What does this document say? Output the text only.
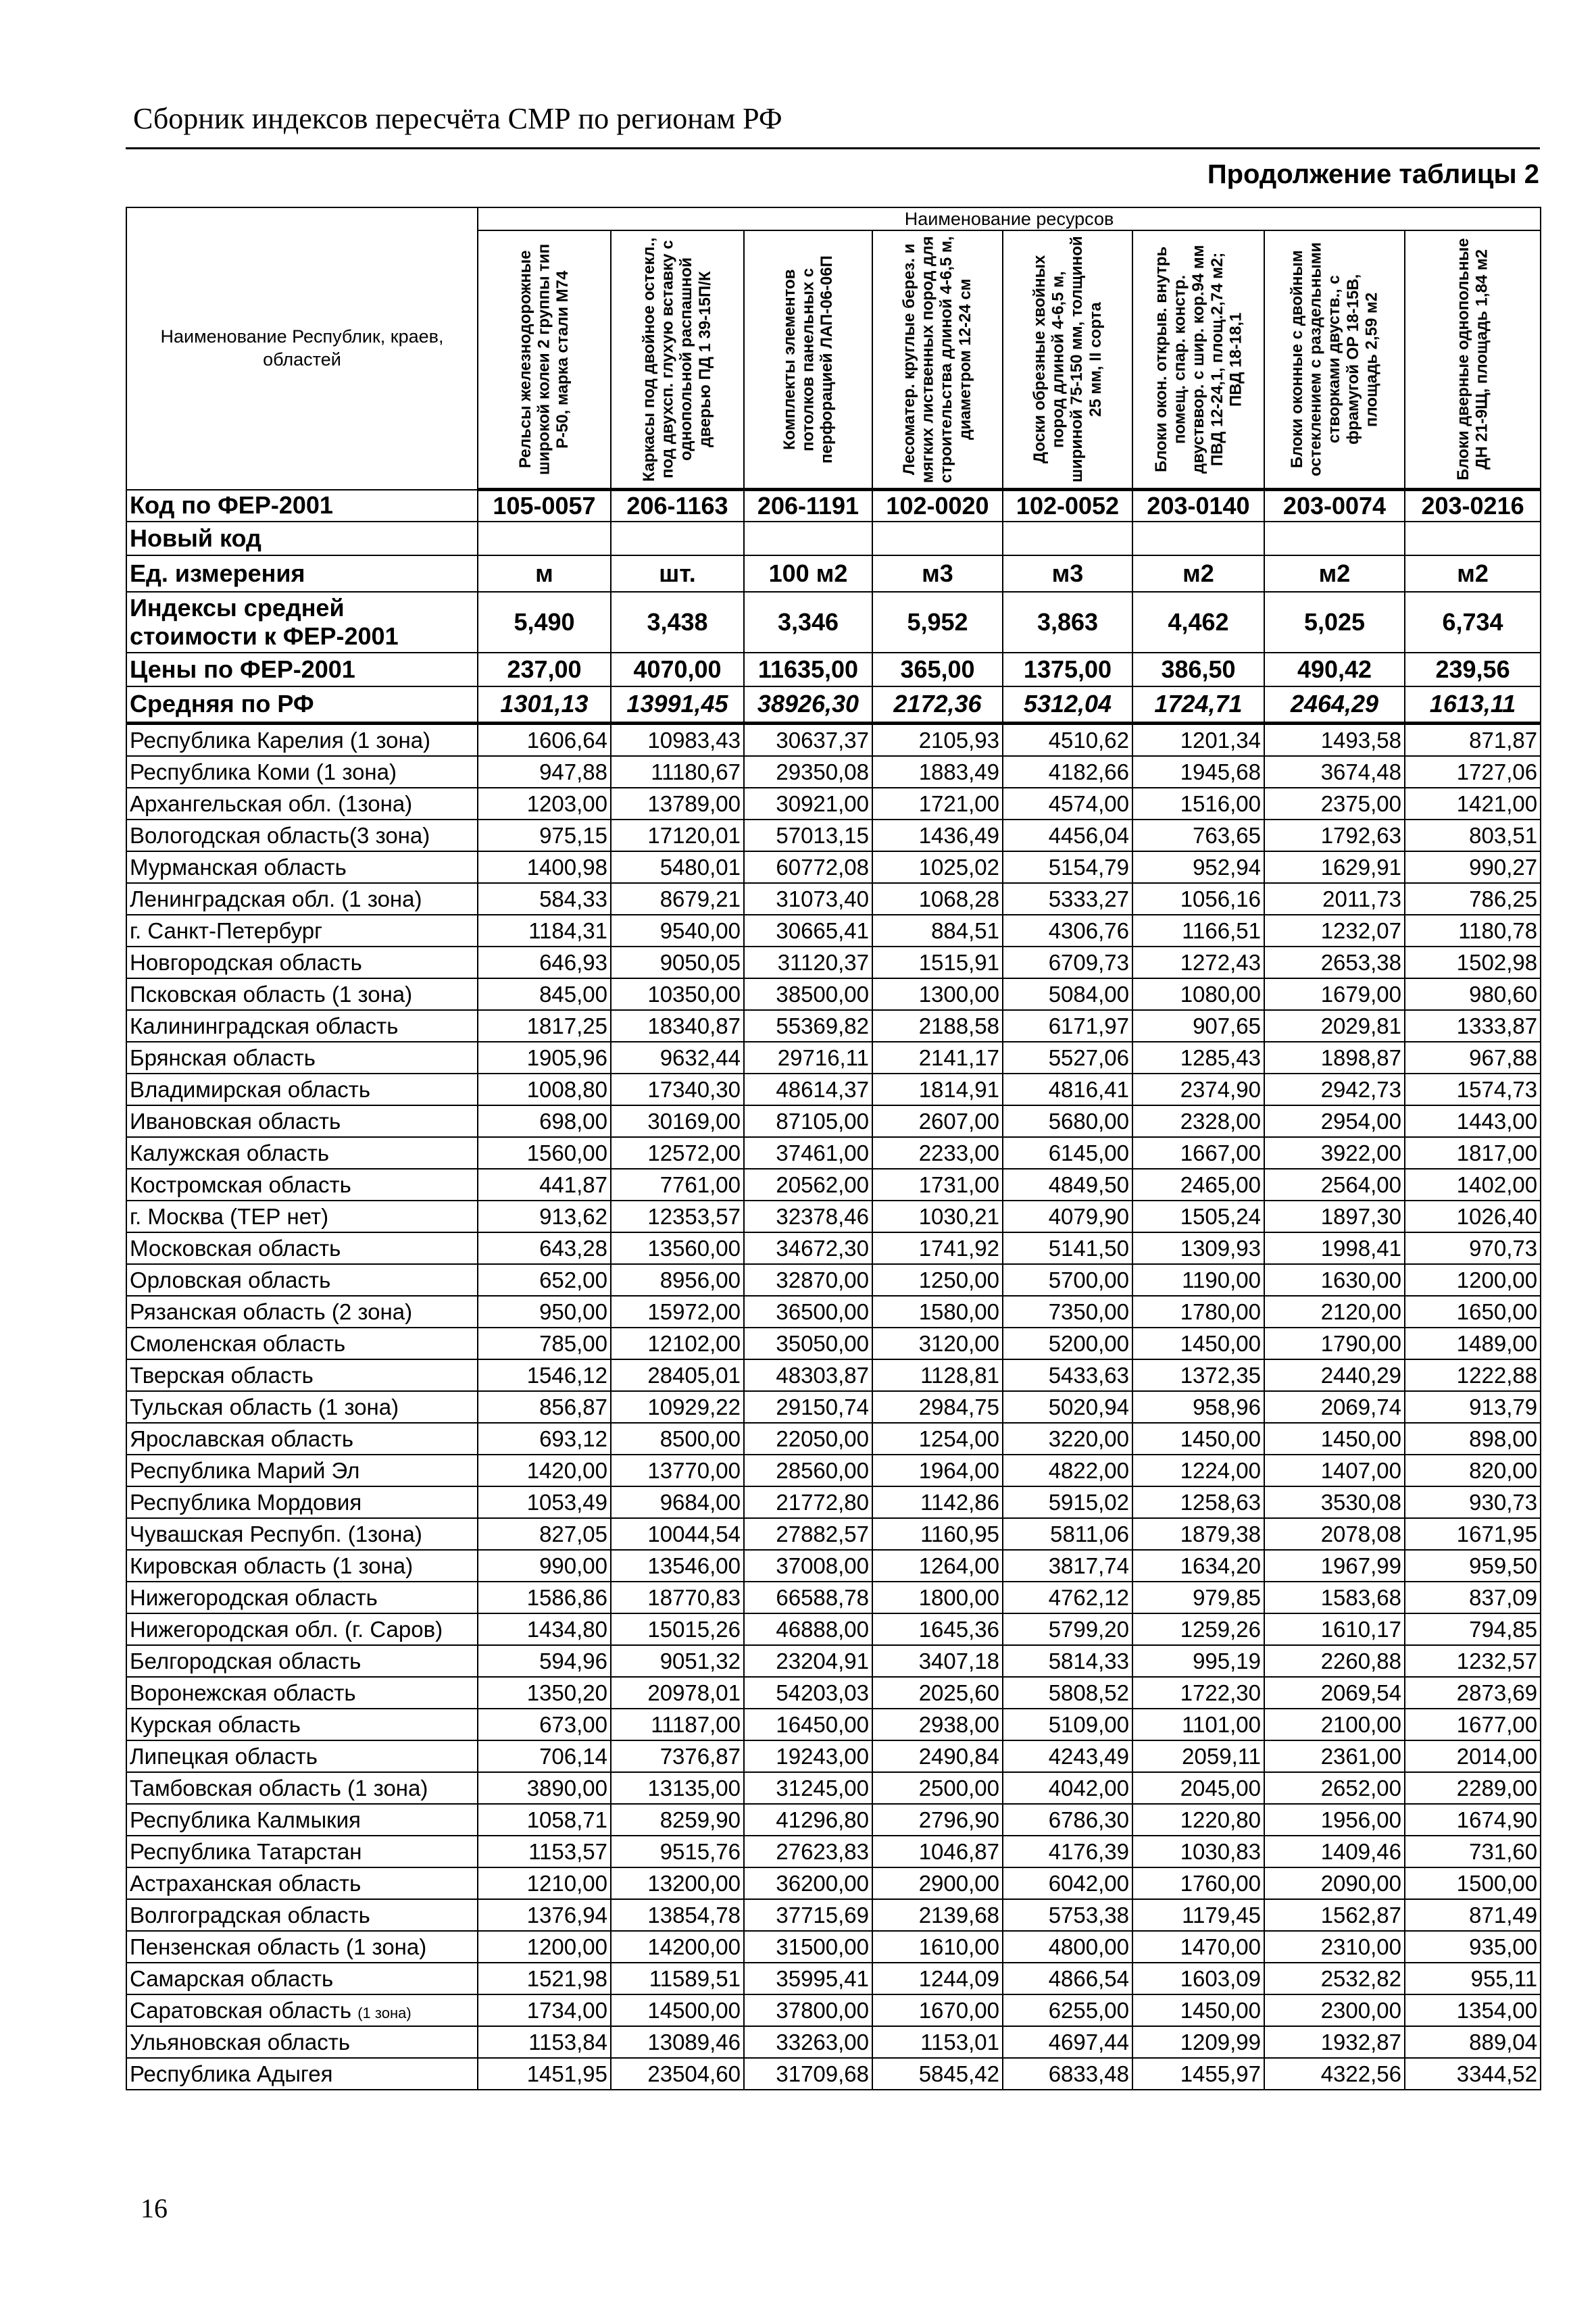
Сборник индексов пересчёта СМР по регионам РФ
Продолжение таблицы 2
Наименование Республик, краев, областей	Наименование ресурсов							

	Рельсы железнодорожные широкой колеи 2 группы тип Р-50, марка стали М74	Каркасы под двойное остекл., под двухсп. глухую вставку с однопольной распашной дверью ПД 1 39-15П/К	Комплекты элементов потолков панельных с перфорацией ЛАП-06-06П	Лесоматер. круглые берез. и мягких лиственных пород для строительства длиной 4-6,5 м, диаметром 12-24 см	Доски обрезные хвойных пород длиной 4-6,5 м, шириной 75-150 мм, толщиной 25 мм, II сорта	Блоки окон. открыв. внутрь помещ. спар. констр. двустввор. с шир. кор.94 мм ПВД 12-24,1, площ.2,74 м2; ПВД 18-18,1	Блоки оконные с двойным остеклением с раздельными створками двуств., с фрамугой ОР 18-15В, площадь 2,59 м2	Блоки дверные однопольные ДН 21-9Щ, площадь 1,84 м2

Код по ФЕР-2001	105-0057	206-1163	206-1191	102-0020	102-0052	203-0140	203-0074	203-0216
Новый код								
Ед. измерения	м	шт.	100 м2	м3	м3	м2	м2	м2
Индексы средней стоимости к ФЕР-2001	5,490	3,438	3,346	5,952	3,863	4,462	5,025	6,734
Цены по ФЕР-2001	237,00	4070,00	11635,00	365,00	1375,00	386,50	490,42	239,56
Средняя по РФ	1301,13	13991,45	38926,30	2172,36	5312,04	1724,71	2464,29	1613,11
Республика Карелия (1 зона)	1606,64	10983,43	30637,37	2105,93	4510,62	1201,34	1493,58	871,87
Республика Коми (1 зона)	947,88	11180,67	29350,08	1883,49	4182,66	1945,68	3674,48	1727,06
Архангельская обл. (1зона)	1203,00	13789,00	30921,00	1721,00	4574,00	1516,00	2375,00	1421,00
Вологодская область(3 зона)	975,15	17120,01	57013,15	1436,49	4456,04	763,65	1792,63	803,51
Мурманская область	1400,98	5480,01	60772,08	1025,02	5154,79	952,94	1629,91	990,27
Ленинградская обл. (1 зона)	584,33	8679,21	31073,40	1068,28	5333,27	1056,16	2011,73	786,25
г. Санкт-Петербург	1184,31	9540,00	30665,41	884,51	4306,76	1166,51	1232,07	1180,78
Новгородская область	646,93	9050,05	31120,37	1515,91	6709,73	1272,43	2653,38	1502,98
Псковская область (1 зона)	845,00	10350,00	38500,00	1300,00	5084,00	1080,00	1679,00	980,60
Калининградская область	1817,25	18340,87	55369,82	2188,58	6171,97	907,65	2029,81	1333,87
Брянская область	1905,96	9632,44	29716,11	2141,17	5527,06	1285,43	1898,87	967,88
Владимирская область	1008,80	17340,30	48614,37	1814,91	4816,41	2374,90	2942,73	1574,73
Ивановская область	698,00	30169,00	87105,00	2607,00	5680,00	2328,00	2954,00	1443,00
Калужская область	1560,00	12572,00	37461,00	2233,00	6145,00	1667,00	3922,00	1817,00
Костромская область	441,87	7761,00	20562,00	1731,00	4849,50	2465,00	2564,00	1402,00
г. Москва (ТЕР нет)	913,62	12353,57	32378,46	1030,21	4079,90	1505,24	1897,30	1026,40
Московская область	643,28	13560,00	34672,30	1741,92	5141,50	1309,93	1998,41	970,73
Орловская область	652,00	8956,00	32870,00	1250,00	5700,00	1190,00	1630,00	1200,00
Рязанская область (2 зона)	950,00	15972,00	36500,00	1580,00	7350,00	1780,00	2120,00	1650,00
Смоленская область	785,00	12102,00	35050,00	3120,00	5200,00	1450,00	1790,00	1489,00
Тверская область	1546,12	28405,01	48303,87	1128,81	5433,63	1372,35	2440,29	1222,88
Тульская область (1 зона)	856,87	10929,22	29150,74	2984,75	5020,94	958,96	2069,74	913,79
Ярославская область	693,12	8500,00	22050,00	1254,00	3220,00	1450,00	1450,00	898,00
Республика Марий Эл	1420,00	13770,00	28560,00	1964,00	4822,00	1224,00	1407,00	820,00
Республика Мордовия	1053,49	9684,00	21772,80	1142,86	5915,02	1258,63	3530,08	930,73
Чувашская Респубп. (1зона)	827,05	10044,54	27882,57	1160,95	5811,06	1879,38	2078,08	1671,95
Кировская область (1 зона)	990,00	13546,00	37008,00	1264,00	3817,74	1634,20	1967,99	959,50
Нижегородская область	1586,86	18770,83	66588,78	1800,00	4762,12	979,85	1583,68	837,09
Нижегородская обл. (г. Саров)	1434,80	15015,26	46888,00	1645,36	5799,20	1259,26	1610,17	794,85
Белгородская область	594,96	9051,32	23204,91	3407,18	5814,33	995,19	2260,88	1232,57
Воронежская область	1350,20	20978,01	54203,03	2025,60	5808,52	1722,30	2069,54	2873,69
Курская область	673,00	11187,00	16450,00	2938,00	5109,00	1101,00	2100,00	1677,00
Липецкая область	706,14	7376,87	19243,00	2490,84	4243,49	2059,11	2361,00	2014,00
Тамбовская область (1 зона)	3890,00	13135,00	31245,00	2500,00	4042,00	2045,00	2652,00	2289,00
Республика Калмыкия	1058,71	8259,90	41296,80	2796,90	6786,30	1220,80	1956,00	1674,90
Республика Татарстан	1153,57	9515,76	27623,83	1046,87	4176,39	1030,83	1409,46	731,60
Астраханская область	1210,00	13200,00	36200,00	2900,00	6042,00	1760,00	2090,00	1500,00
Волгоградская область	1376,94	13854,78	37715,69	2139,68	5753,38	1179,45	1562,87	871,49
Пензенская область (1 зона)	1200,00	14200,00	31500,00	1610,00	4800,00	1470,00	2310,00	935,00
Самарская область	1521,98	11589,51	35995,41	1244,09	4866,54	1603,09	2532,82	955,11
Саратовская область (1 зона)	1734,00	14500,00	37800,00	1670,00	6255,00	1450,00	2300,00	1354,00
Ульяновская область	1153,84	13089,46	33263,00	1153,01	4697,44	1209,99	1932,87	889,04
Республика Адыгея	1451,95	23504,60	31709,68	5845,42	6833,48	1455,97	4322,56	3344,52
16
